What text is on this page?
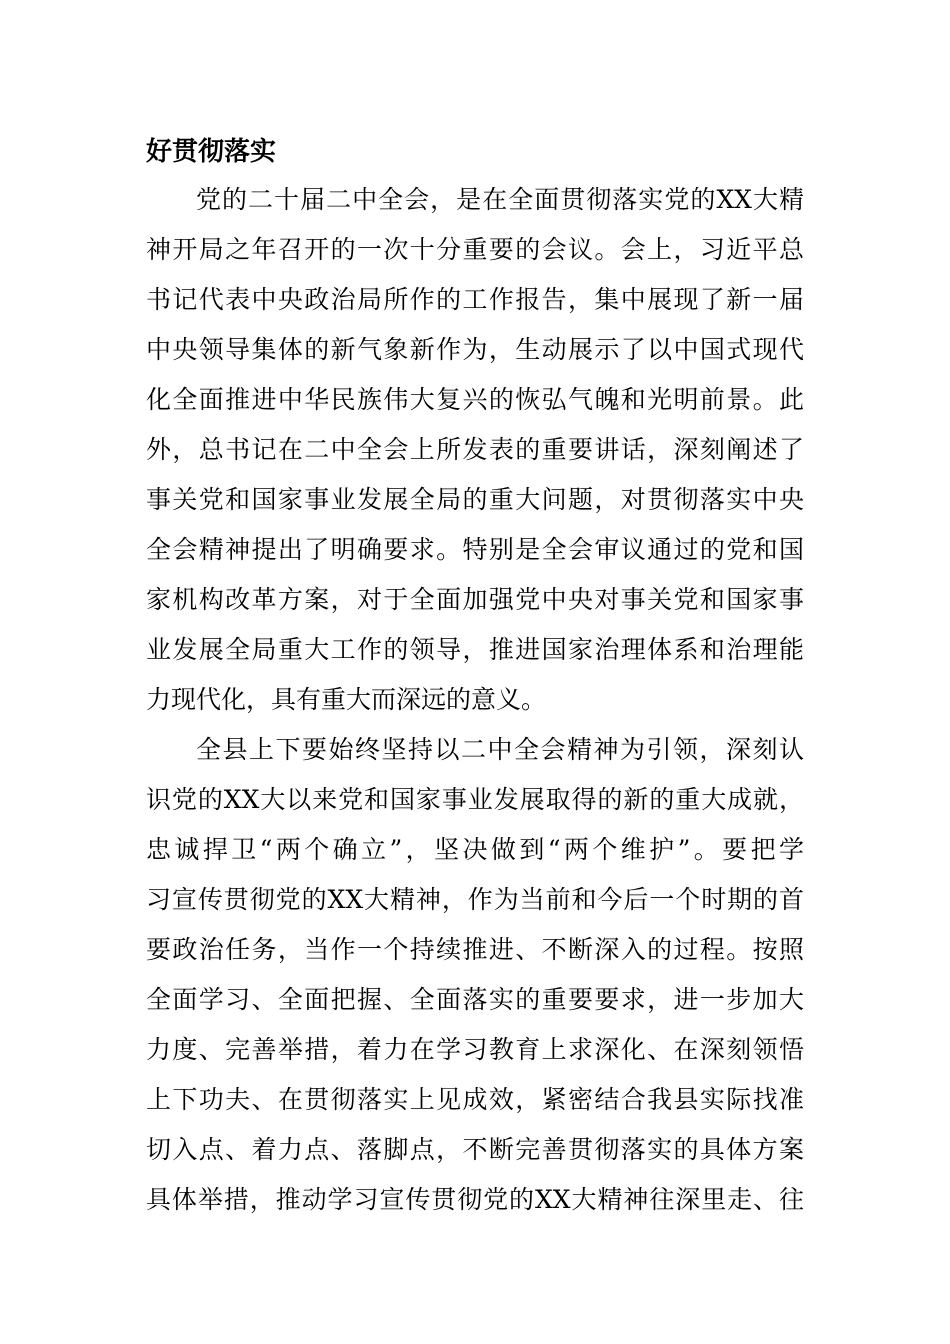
好贯彻落实
党的二十届二中全会，是在全面贯彻落实党的XX大精
神开局之年召开的一次十分重要的会议。会上，习近平总
书记代表中央政治局所作的工作报告，集中展现了新一届
中央领导集体的新气象新作为，生动展示了以中国式现代
化全面推进中华民族伟大复兴的恢弘气魄和光明前景。此
外，总书记在二中全会上所发表的重要讲话，深刻阐述了
事关党和国家事业发展全局的重大问题，对贯彻落实中央
全会精神提出了明确要求。特别是全会审议通过的党和国
家机构改革方案，对于全面加强党中央对事关党和国家事
业发展全局重大工作的领导，推进国家治理体系和治理能
力现代化，具有重大而深远的意义。
全县上下要始终坚持以二中全会精神为引领，深刻认
识党的XX大以来党和国家事业发展取得的新的重大成就，
忠诚捍卫“两个确立”，坚决做到“两个维护”。要把学
习宣传贯彻党的XX大精神，作为当前和今后一个时期的首
要政治任务，当作一个持续推进、不断深入的过程。按照
全面学习、全面把握、全面落实的重要要求，进一步加大
力度、完善举措，着力在学习教育上求深化、在深刻领悟
上下功夫、在贯彻落实上见成效，紧密结合我县实际找准
切入点、着力点、落脚点，不断完善贯彻落实的具体方案
具体举措，推动学习宣传贯彻党的XX大精神往深里走、往
